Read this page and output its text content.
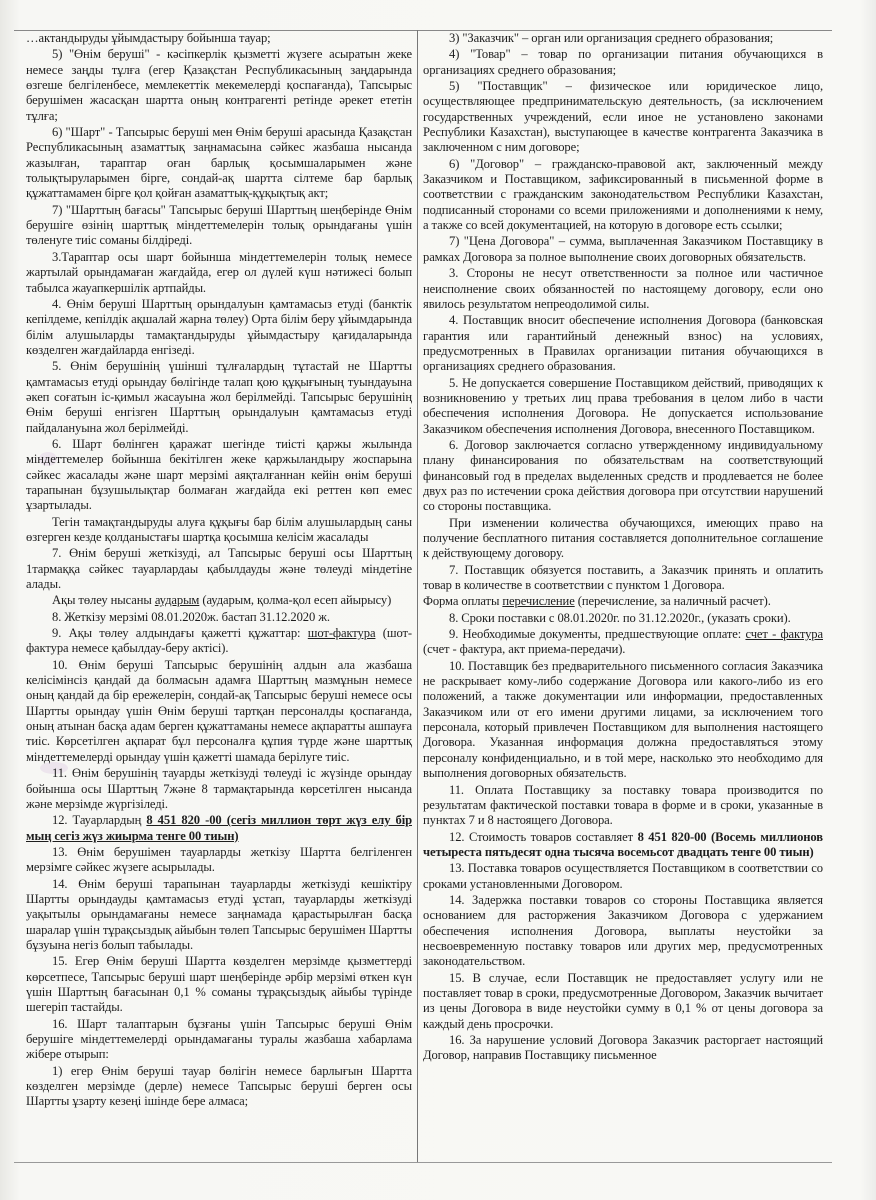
…актандыруды ұйымдастыру бойынша тауар;

5) "Өнім беруші" - кәсіпкерлік қызметті жүзеге асыратын жеке немесе заңды тұлға (егер Қазақстан Республикасының заңдарында өзгеше белгіленбесе, мемлекеттік мекемелерді қоспағанда), Тапсырыс берушімен жасасқан шартта оның контрагенті ретінде әрекет ететін тұлға;

6) "Шарт" - Тапсырыс беруші мен Өнім беруші арасында Қазақстан Республикасының азаматтық заңнамасына сәйкес жазбаша нысанда жазылған, тараптар оған барлық қосымшаларымен және толықтыруларымен бірге, сондай-ақ шартта сілтеме бар барлық құжаттамамен бірге қол қойған азаматтық-құқықтық акт;

7) "Шарттың бағасы" Тапсырыс беруші Шарттың шеңберінде Өнім берушіге өзінің шарттық міндеттемелерін толық орындағаны үшін төленуге тиіс соманы білдіреді.

3.Тараптар осы шарт бойынша міндеттемелерін толық немесе жартылай орындамаған жағдайда, егер ол дүлей күш нәтижесі болып табылса жауапкершілік артпайды.

4. Өнім беруші Шарттың орындалуын қамтамасыз етуді (банктік кепілдеме, кепілдік ақшалай жарна төлеу) Орта білім беру ұйымдарында білім алушыларды тамақтандыруды ұйымдастыру қағидаларында көзделген жағдайларда енгізеді.

5. Өнім берушінің үшінші тұлғалардың тұтастай не Шартты қамтамасыз етуді орындау бөлігінде талап қою құқығының туындауына әкеп соғатын іс-қимыл жасауына жол берілмейді. Тапсырыс берушінің Өнім беруші енгізген Шарттың орындалуын қамтамасыз етуді пайдалануына жол берілмейді.

6. Шарт бөлінген қаражат шегінде тиісті қаржы жылында міндеттемелер бойынша бекітілген жеке қаржыландыру жоспарына сәйкес жасалады және шарт мерзімі аяқталғаннан кейін өнім беруші тарапынан бұзушылықтар болмаған жағдайда екі реттен көп емес ұзартылады.

Тегін тамақтандыруды алуға құқығы бар білім алушылардың саны өзгерген кезде қолданыстағы шартқа қосымша келісім жасалады

7. Өнім беруші жеткізуді, ал Тапсырыс беруші осы Шарттың 1тармаққа сәйкес тауарлардаы қабылдауды және төлеуді міндетіне алады.

Ақы төлеу нысаны аударым (аударым, қолма-қол есеп айырысу)

8. Жеткізу мерзімі 08.01.2020ж. бастап 31.12.2020 ж.

9. Ақы төлеу алдындағы қажетті құжаттар: шот-фактура (шот-фактура немесе қабылдау-беру актісі).

10. Өнім беруші Тапсырыс берушінің алдын ала жазбаша келісімінсіз қандай да болмасын адамға Шарттың мазмұнын немесе оның қандай да бір ережелерін, сондай-ақ Тапсырыс беруші немесе осы Шартты орындау үшін Өнім беруші тартқан персоналды қоспағанда, оның атынан басқа адам берген құжаттаманы немесе ақпаратты ашпауға тиіс. Көрсетілген ақпарат бұл персоналға құпия түрде және шарттық міндеттемелерді орындау үшін қажетті шамада берілуге тиіс.

11. Өнім берушінің тауарды жеткізуді төлеуді іс жүзінде орындау бойынша осы Шарттың 7және 8 тармақтарында көрсетілген нысанда және мерзімде жүргізіледі.

12. Тауарлардың 8 451 820 -00 (сегіз миллион төрт жүз елу бір мың сегіз жүз жиырма тенге 00 тиын)

13. Өнім берушімен тауарларды жеткізу Шартта белгіленген мерзімге сәйкес жүзеге асырылады.

14. Өнім беруші тарапынан тауарларды жеткізуді кешіктіру Шартты орындауды қамтамасыз етуді ұстап, тауарларды жеткізуді уақытылы орындамағаны немесе заңнамада қарастырылған басқа шаралар үшін тұрақсыздық айыбын төлеп Тапсырыс берушімен Шартты бұзуына негіз болып табылады.

15. Егер Өнім беруші Шартта көзделген мерзімде қызметтерді көрсетпесе, Тапсырыс беруші шарт шеңберінде әрбір мерзімі өткен күн үшін Шарттың бағасынан 0,1 % соманы тұрақсыздық айыбы түрінде шегеріп тастайды.

16. Шарт талаптарын бұзғаны үшін Тапсырыс беруші Өнім берушіге міндеттемелерді орындамағаны туралы жазбаша хабарлама жібере отырып:

1) егер Өнім беруші тауар бөлігін немесе барлығын Шартта көзделген мерзімде (дерле) немесе Тапсырыс беруші берген осы Шартты ұзарту кезеңі ішінде бере алмаса;

3) "Заказчик" – орган или организация среднего образования;

4) "Товар" – товар по организации питания обучающихся в организациях среднего образования;

5) "Поставщик" – физическое или юридическое лицо, осуществляющее предпринимательскую деятельность, (за исключением государственных учреждений, если иное не установлено законами Республики Казахстан), выступающее в качестве контрагента Заказчика в заключенном с ним договоре;

6) "Договор" – гражданско-правовой акт, заключенный между Заказчиком и Поставщиком, зафиксированный в письменной форме в соответствии с гражданским законодательством Республики Казахстан, подписанный сторонами со всеми приложениями и дополнениями к нему, а также со всей документацией, на которую в договоре есть ссылки;

7) "Цена Договора" – сумма, выплаченная Заказчиком Поставщику в рамках Договора за полное выполнение своих договорных обязательств.

3. Стороны не несут ответственности за полное или частичное неисполнение своих обязанностей по настоящему договору, если оно явилось результатом непреодолимой силы.

4. Поставщик вносит обеспечение исполнения Договора (банковская гарантия или гарантийный денежный взнос) на условиях, предусмотренных в Правилах организации питания обучающихся в организациях среднего образования.

5. Не допускается совершение Поставщиком действий, приводящих к возникновению у третьих лиц права требования в целом либо в части обеспечения исполнения Договора. Не допускается использование Заказчиком обеспечения исполнения Договора, внесенного Поставщиком.

6. Договор заключается согласно утвержденному индивидуальному плану финансирования по обязательствам на соответствующий финансовый год в пределах выделенных средств и продлевается не более двух раз по истечении срока действия договора при отсутствии нарушений со стороны поставщика.

При изменении количества обучающихся, имеющих право на получение бесплатного питания составляется дополнительное соглашение к действующему договору.

7. Поставщик обязуется поставить, а Заказчик принять и оплатить товар в количестве в соответствии с пунктом 1 Договора.

Форма оплаты перечисление (перечисление, за наличный расчет).

8. Сроки поставки с 08.01.2020г. по 31.12.2020г., (указать сроки).

9. Необходимые документы, предшествующие оплате: счет - фактура (счет - фактура, акт приема-передачи).

10. Поставщик без предварительного письменного согласия Заказчика не раскрывает кому-либо содержание Договора или какого-либо из его положений, а также документации или информации, предоставленных Заказчиком или от его имени другими лицами, за исключением того персонала, который привлечен Поставщиком для выполнения настоящего Договора. Указанная информация должна предоставляться этому персоналу конфиденциально, и в той мере, насколько это необходимо для выполнения договорных обязательств.

11. Оплата Поставщику за поставку товара производится по результатам фактической поставки товара в форме и в сроки, указанные в пунктах 7 и 8 настоящего Договора.

12. Стоимость товаров составляет 8 451 820-00 (Восемь миллионов четыреста пятьдесят одна тысяча восемьсот двадцать тенге 00 тиын)

13. Поставка товаров осуществляется Поставщиком в соответствии со сроками установленными Договором.

14. Задержка поставки товаров со стороны Поставщика является основанием для расторжения Заказчиком Договора с удержанием обеспечения исполнения Договора, выплаты неустойки за несвоевременную поставку товаров или других мер, предусмотренных законодательством.

15. В случае, если Поставщик не предоставляет услугу или не поставляет товар в сроки, предусмотренные Договором, Заказчик вычитает из цены Договора в виде неустойки сумму в 0,1 % от цены договора за каждый день просрочки.

16. За нарушение условий Договора Заказчик расторгает настоящий Договор, направив Поставщику письменное
